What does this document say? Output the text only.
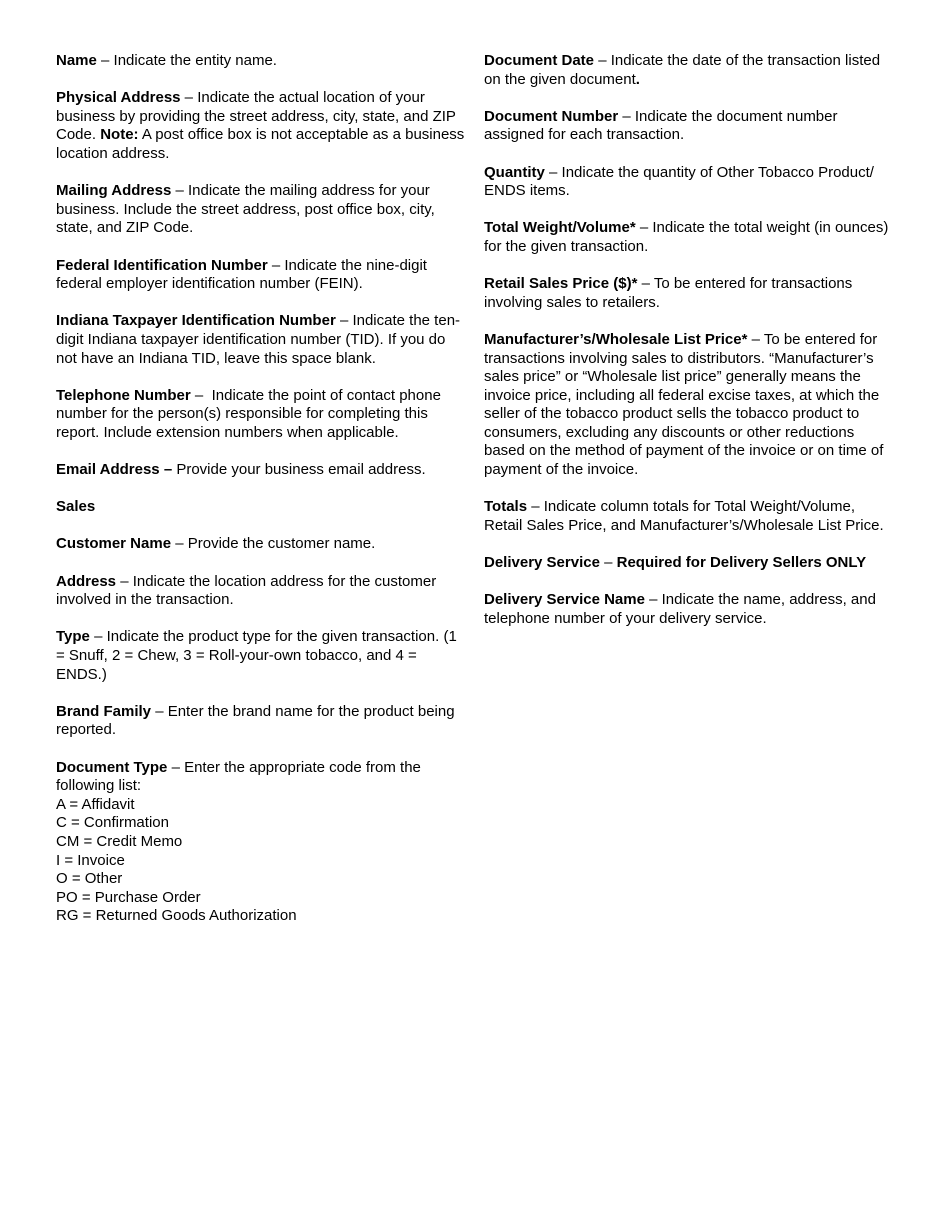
Name – Indicate the entity name.

Physical Address – Indicate the actual location of your business by providing the street address, city, state, and ZIP Code. Note: A post office box is not acceptable as a business location address.

Mailing Address – Indicate the mailing address for your business. Include the street address, post office box, city, state, and ZIP Code.

Federal Identification Number – Indicate the nine-digit federal employer identification number (FEIN).

Indiana Taxpayer Identification Number – Indicate the ten-digit Indiana taxpayer identification number (TID). If you do not have an Indiana TID, leave this space blank.

Telephone Number –  Indicate the point of contact phone number for the person(s) responsible for completing this report. Include extension numbers when applicable.

Email Address – Provide your business email address.

Sales

Customer Name – Provide the customer name.

Address – Indicate the location address for the customer involved in the transaction.

Type – Indicate the product type for the given transaction. (1 = Snuff, 2 = Chew, 3 = Roll-your-own tobacco, and 4 = ENDS.)

Brand Family – Enter the brand name for the product being reported.

Document Type – Enter the appropriate code from the following list:

A = Affidavit
C = Confirmation
CM = Credit Memo
I = Invoice
O = Other
PO = Purchase Order
RG = Returned Goods Authorization

Document Date – Indicate the date of the transaction listed on the given document.

Document Number – Indicate the document number assigned for each transaction.

Quantity – Indicate the quantity of Other Tobacco Product/ ENDS items.

Total Weight/Volume* – Indicate the total weight (in ounces) for the given transaction.

Retail Sales Price ($)* – To be entered for transactions involving sales to retailers.

Manufacturer’s/Wholesale List Price* – To be entered for transactions involving sales to distributors. “Manufacturer’s sales price” or “Wholesale list price” generally means the invoice price, including all federal excise taxes, at which the seller of the tobacco product sells the tobacco product to consumers, excluding any discounts or other reductions based on the method of payment of the invoice or on time of payment of the invoice.

Totals – Indicate column totals for Total Weight/Volume, Retail Sales Price, and Manufacturer’s/Wholesale List Price.

Delivery Service – Required for Delivery Sellers ONLY

Delivery Service Name – Indicate the name, address, and telephone number of your delivery service.
